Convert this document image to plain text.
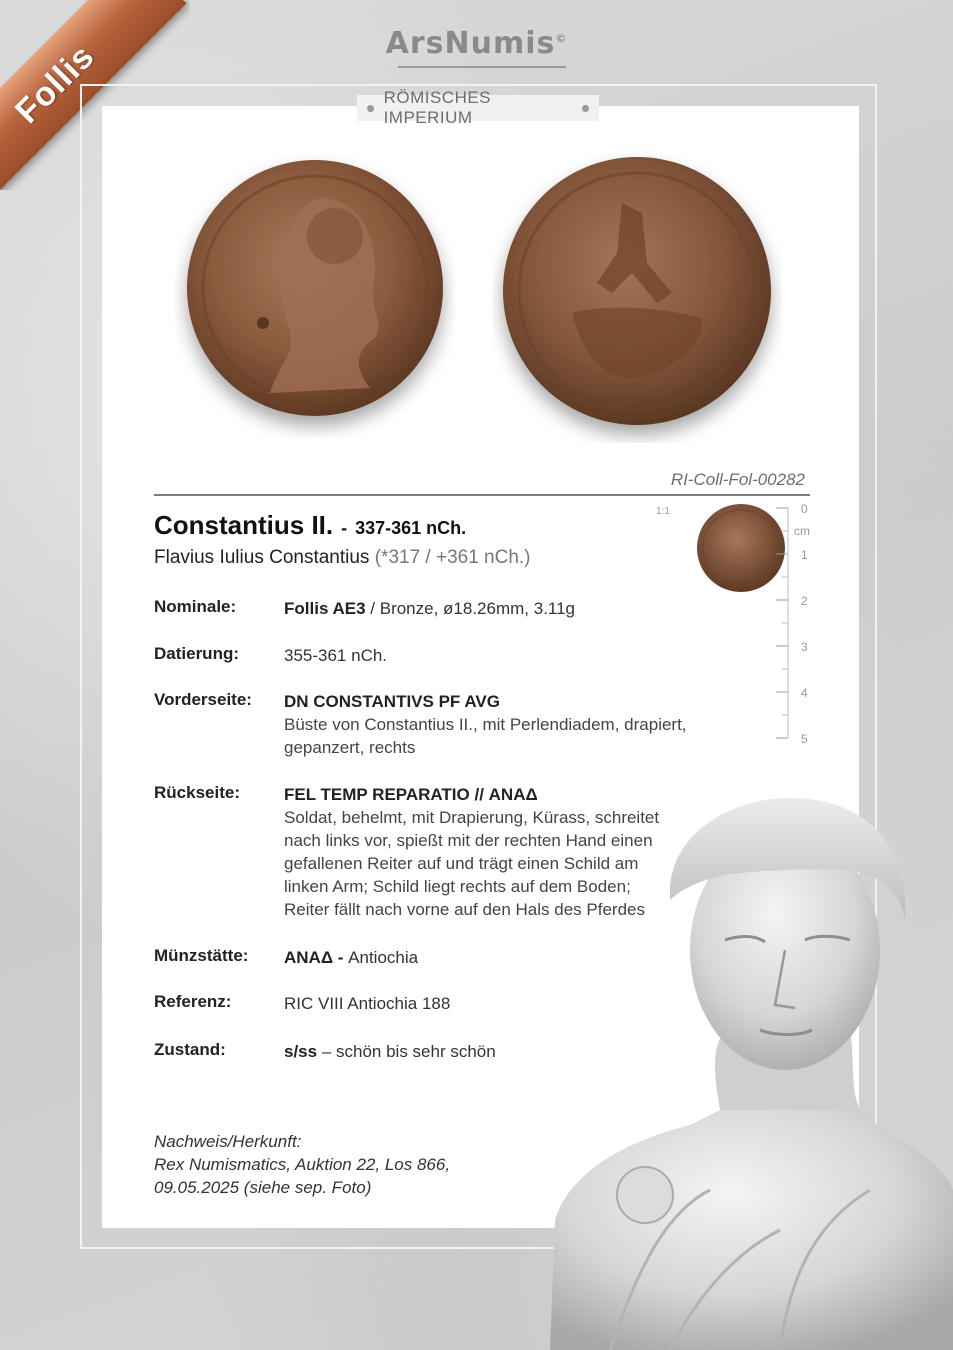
Follis	ArsNumis©
RÖMISCHES IMPERIUM
RI-Coll-Fol-00282
Constantius II. - 337-361 nCh.
Flavius Iulius Constantius (*317 / +361 nCh.)
Nominale:	Follis AE3 / Bronze, ø18.26mm, 3.11g
Datierung:	355-361 nCh.
Vorderseite: DN CONSTANTIVS PF AVG
Büste von Constantius II., mit Perlendiadem, drapiert, gepanzert, rechts
Rückseite:	FEL TEMP REPARATIO // ΑΝΑΔ
Soldat, behelmt, mit Drapierung, Kürass, schreitet nach links vor, spießt mit der rechten Hand einen gefallenen Reiter auf und trägt einen Schild am linken Arm; Schild liegt rechts auf dem Boden; Reiter fällt nach vorne auf den Hals des Pferdes
Münzstätte: ΑΝΑΔ - Antiochia
Referenz:	RIC VIII Antiochia 188
Zustand:	s/ss – schön bis sehr schön
Nachweis/Herkunft:
Rex Numismatics, Auktion 22, Los 866,
09.05.2025 (siehe sep. Foto)
1:1
cm
0
1
2
3
4
5
